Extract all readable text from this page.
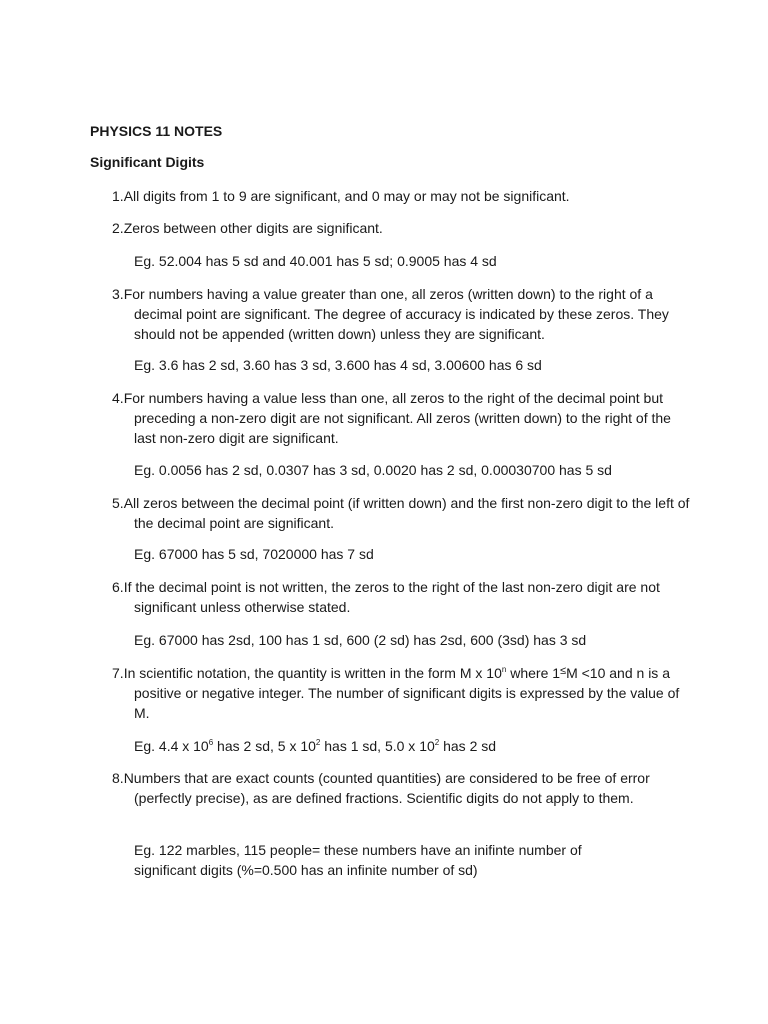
PHYSICS 11 NOTES

Significant Digits

1.All digits from 1 to 9 are significant, and 0 may or may not be significant.

2.Zeros between other digits are significant.

Eg. 52.004 has 5 sd and 40.001 has 5 sd; 0.9005 has 4 sd

3.For numbers having a value greater than one, all zeros (written down) to the right of a decimal point are significant. The degree of accuracy is indicated by these zeros. They should not be appended (written down) unless they are significant.

Eg. 3.6 has 2 sd, 3.60 has 3 sd, 3.600 has 4 sd, 3.00600 has 6 sd

4.For numbers having a value less than one, all zeros to the right of the decimal point but preceding a non-zero digit are not significant. All zeros (written down) to the right of the last non-zero digit are significant.

Eg. 0.0056 has 2 sd, 0.0307 has 3 sd, 0.0020 has 2 sd, 0.00030700 has 5 sd

5.All zeros between the decimal point (if written down) and the first non-zero digit to the left of the decimal point are significant.

Eg. 67000 has 5 sd, 7020000 has 7 sd

6.If the decimal point is not written, the zeros to the right of the last non-zero digit are not significant unless otherwise stated.

Eg. 67000 has 2sd, 100 has 1 sd, 600 (2 sd) has 2sd, 600 (3sd) has 3 sd

7.In scientific notation, the quantity is written in the form M x 10$^n$ where 1≤M <10 and n is a positive or negative integer. The number of significant digits is expressed by the value of M.

Eg. 4.4 x $10^6$ has 2 sd, 5 x $10^2$ has 1 sd, 5.0 x $10^2$ has 2 sd

8.Numbers that are exact counts (counted quantities) are considered to be free of error (perfectly precise), as are defined fractions. Scientific digits do not apply to them.

Eg. 122 marbles, 115 people= these numbers have an inifinte number of significant digits (%=0.500 has an infinite number of sd)
